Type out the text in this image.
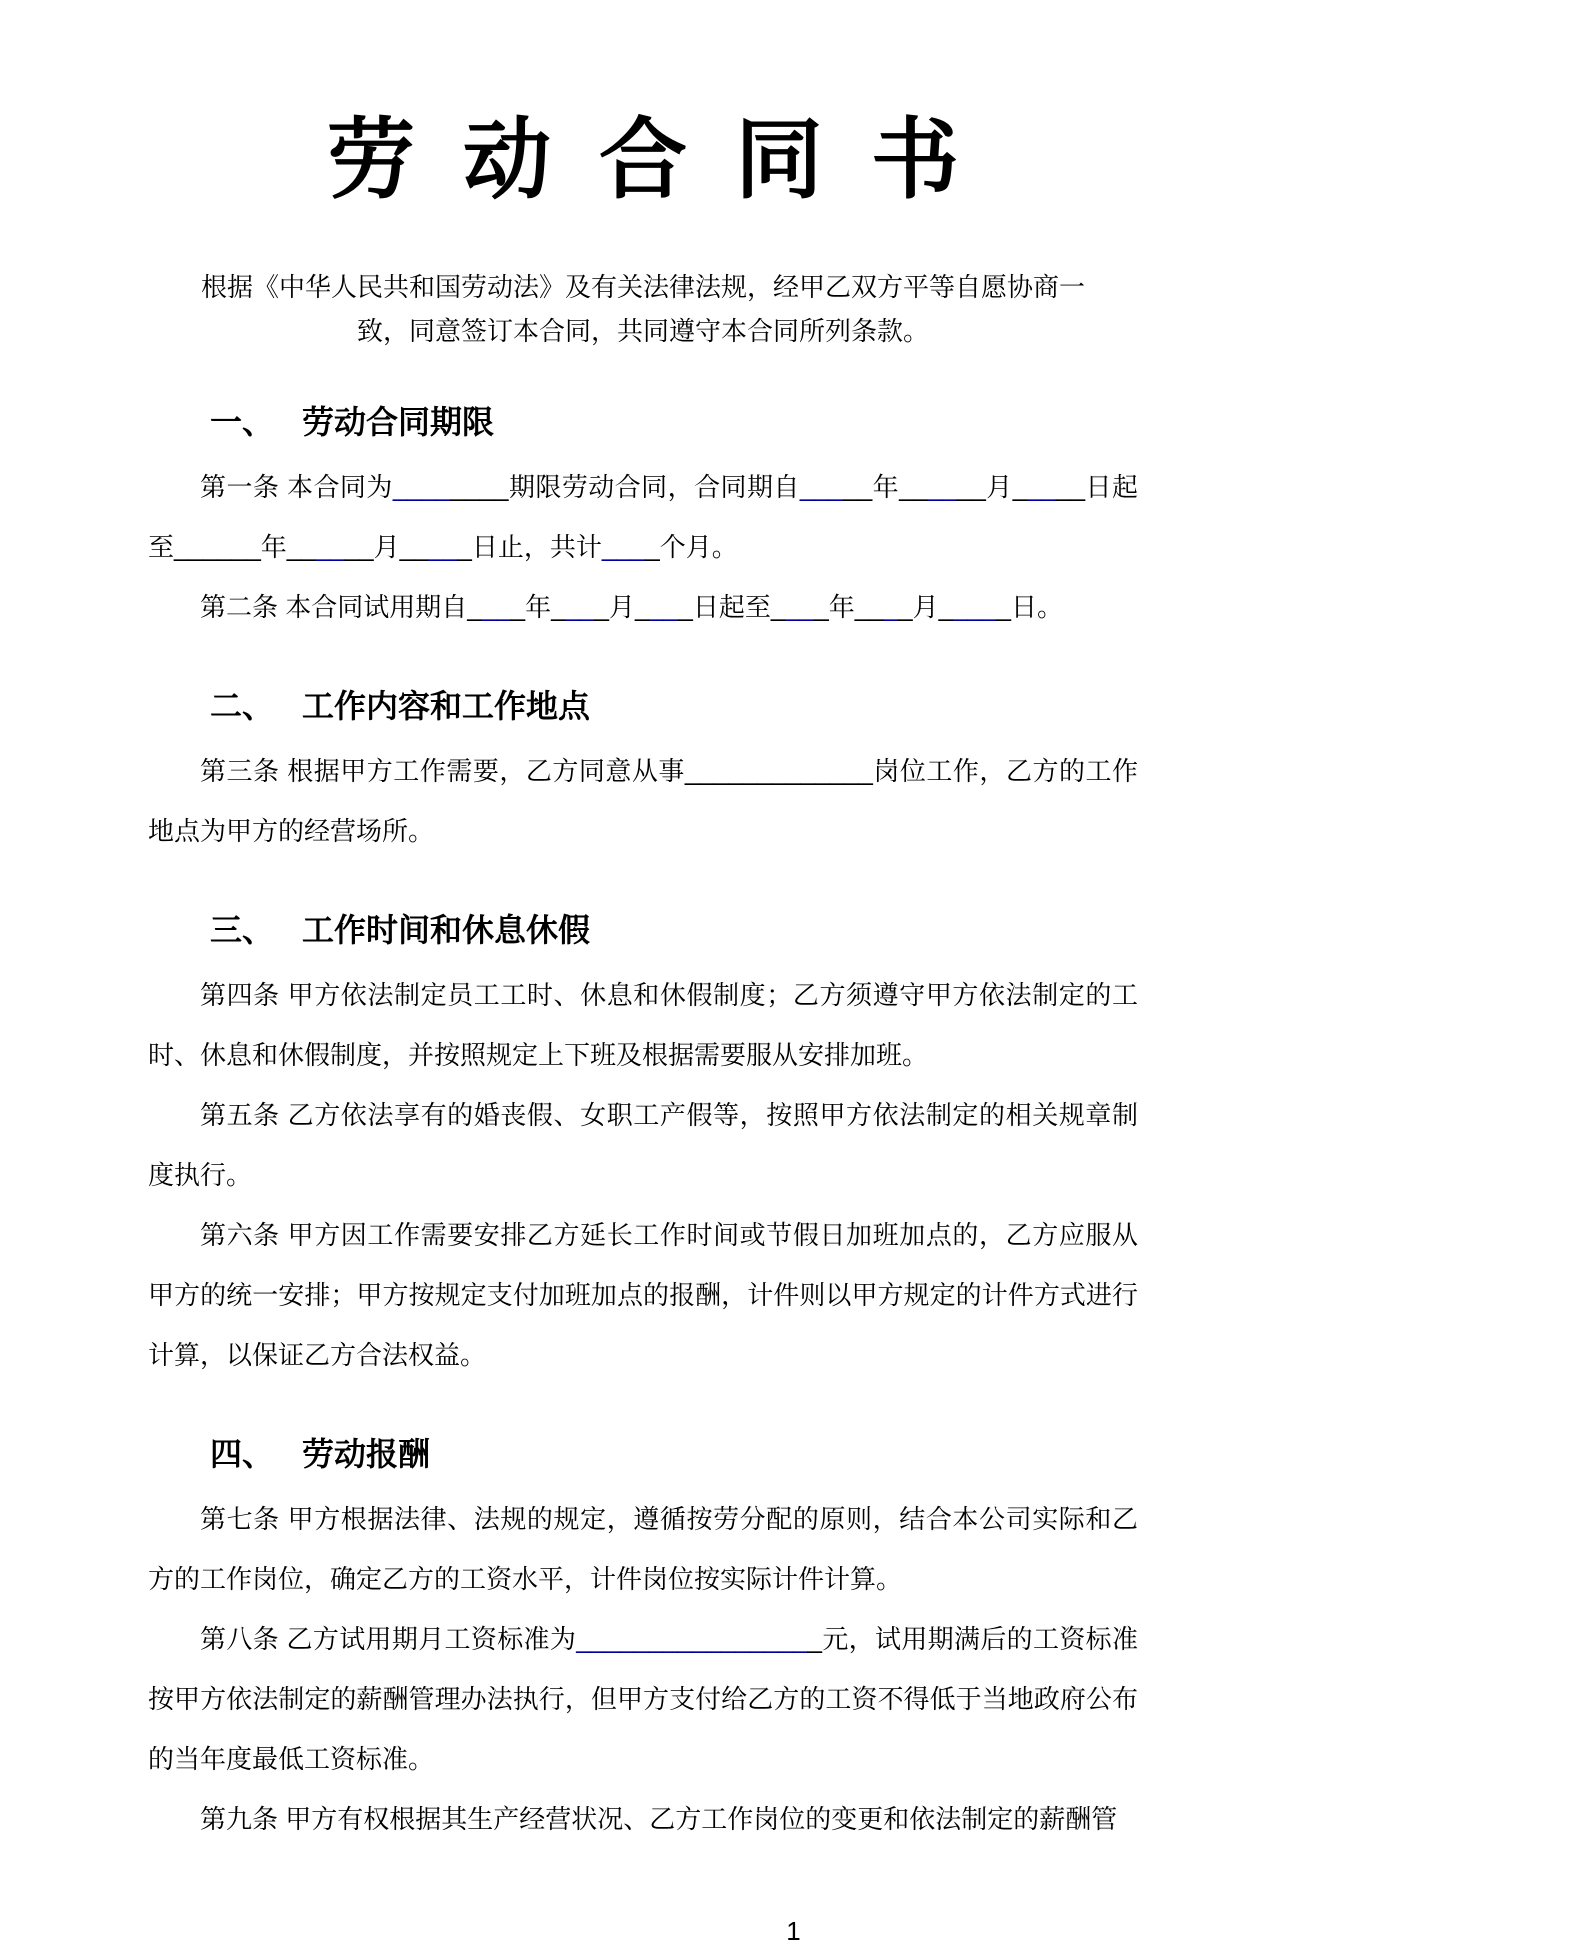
劳动合同书

根据《中华人民共和国劳动法》及有关法律法规，经甲乙双方平等自愿协商一致，同意签订本合同，共同遵守本合同所列条款。

一、 劳动合同期限

第一条 本合同为________期限劳动合同，合同期自_____年______月_____日起至______年______月_____日止，共计____个月。

第二条 本合同试用期自____年____月____日起至____年____月_____日。

二、 工作内容和工作地点

第三条 根据甲方工作需要，乙方同意从事_____________岗位工作，乙方的工作地点为甲方的经营场所。

三、 工作时间和休息休假

第四条 甲方依法制定员工工时、休息和休假制度；乙方须遵守甲方依法制定的工时、休息和休假制度，并按照规定上下班及根据需要服从安排加班。

第五条 乙方依法享有的婚丧假、女职工产假等，按照甲方依法制定的相关规章制度执行。

第六条 甲方因工作需要安排乙方延长工作时间或节假日加班加点的，乙方应服从甲方的统一安排；甲方按规定支付加班加点的报酬，计件则以甲方规定的计件方式进行计算，以保证乙方合法权益。

四、 劳动报酬

第七条 甲方根据法律、法规的规定，遵循按劳分配的原则，结合本公司实际和乙方的工作岗位，确定乙方的工资水平，计件岗位按实际计件计算。

第八条 乙方试用期月工资标准为_________________元，试用期满后的工资标准按甲方依法制定的薪酬管理办法执行，但甲方支付给乙方的工资不得低于当地政府公布的当年度最低工资标准。

第九条 甲方有权根据其生产经营状况、乙方工作岗位的变更和依法制定的薪酬管

1
